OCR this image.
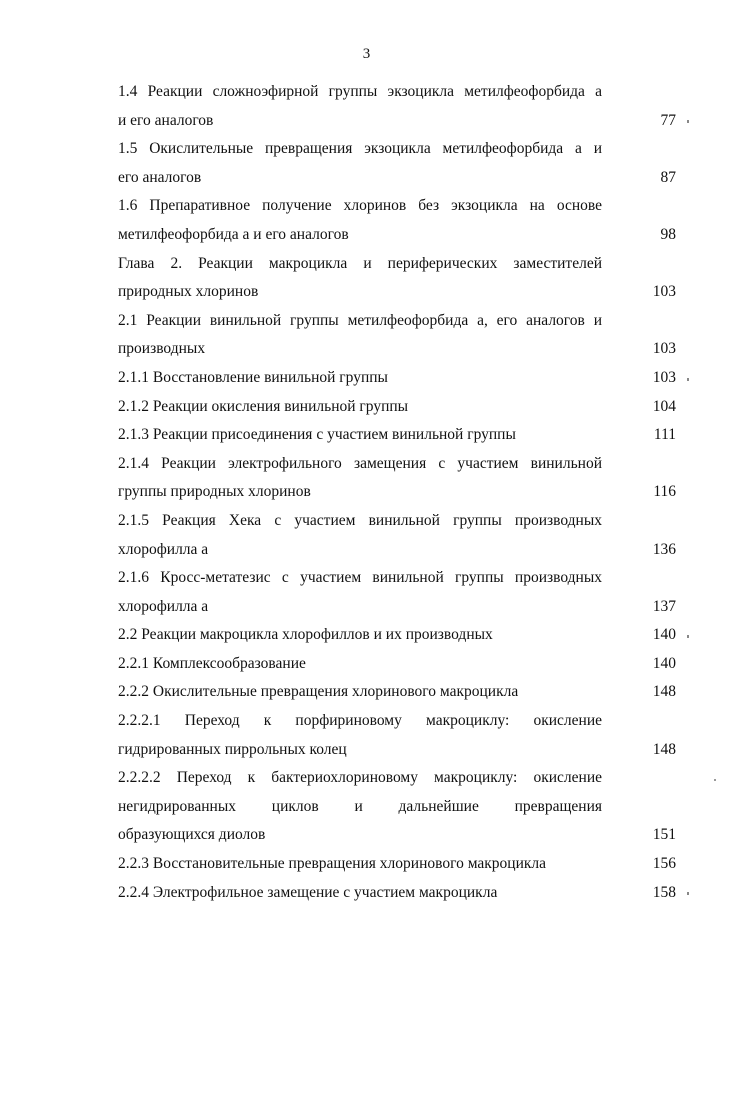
3
1.4 Реакции сложноэфирной группы экзоцикла метилфеофорбида а
и его аналогов	77
1.5 Окислительные превращения экзоцикла метилфеофорбида а и
его аналогов	87
1.6 Препаративное получение хлоринов без экзоцикла на основе
метилфеофорбида а и его аналогов	98
Глава 2. Реакции макроцикла и периферических заместителей
природных хлоринов	103
2.1 Реакции винильной группы метилфеофорбида а, его аналогов и
производных	103
2.1.1 Восстановление винильной группы	103
2.1.2 Реакции окисления винильной группы	104
2.1.3 Реакции присоединения с участием винильной группы	111
2.1.4 Реакции электрофильного замещения с участием винильной
группы природных хлоринов	116
2.1.5 Реакция Хека с участием винильной группы производных
хлорофилла а	136
2.1.6 Кросс-метатезис с участием винильной группы производных
хлорофилла а	137
2.2 Реакции макроцикла хлорофиллов и их производных	140
2.2.1 Комплексообразование	140
2.2.2 Окислительные превращения хлоринового макроцикла	148
2.2.2.1 Переход к порфириновому макроциклу: окисление
гидрированных пиррольных колец	148
2.2.2.2 Переход к бактериохлориновому макроциклу: окисление
негидрированных циклов и дальнейшие превращения
образующихся диолов	151
2.2.3 Восстановительные превращения хлоринового макроцикла	156
2.2.4 Электрофильное замещение с участием макроцикла	158
